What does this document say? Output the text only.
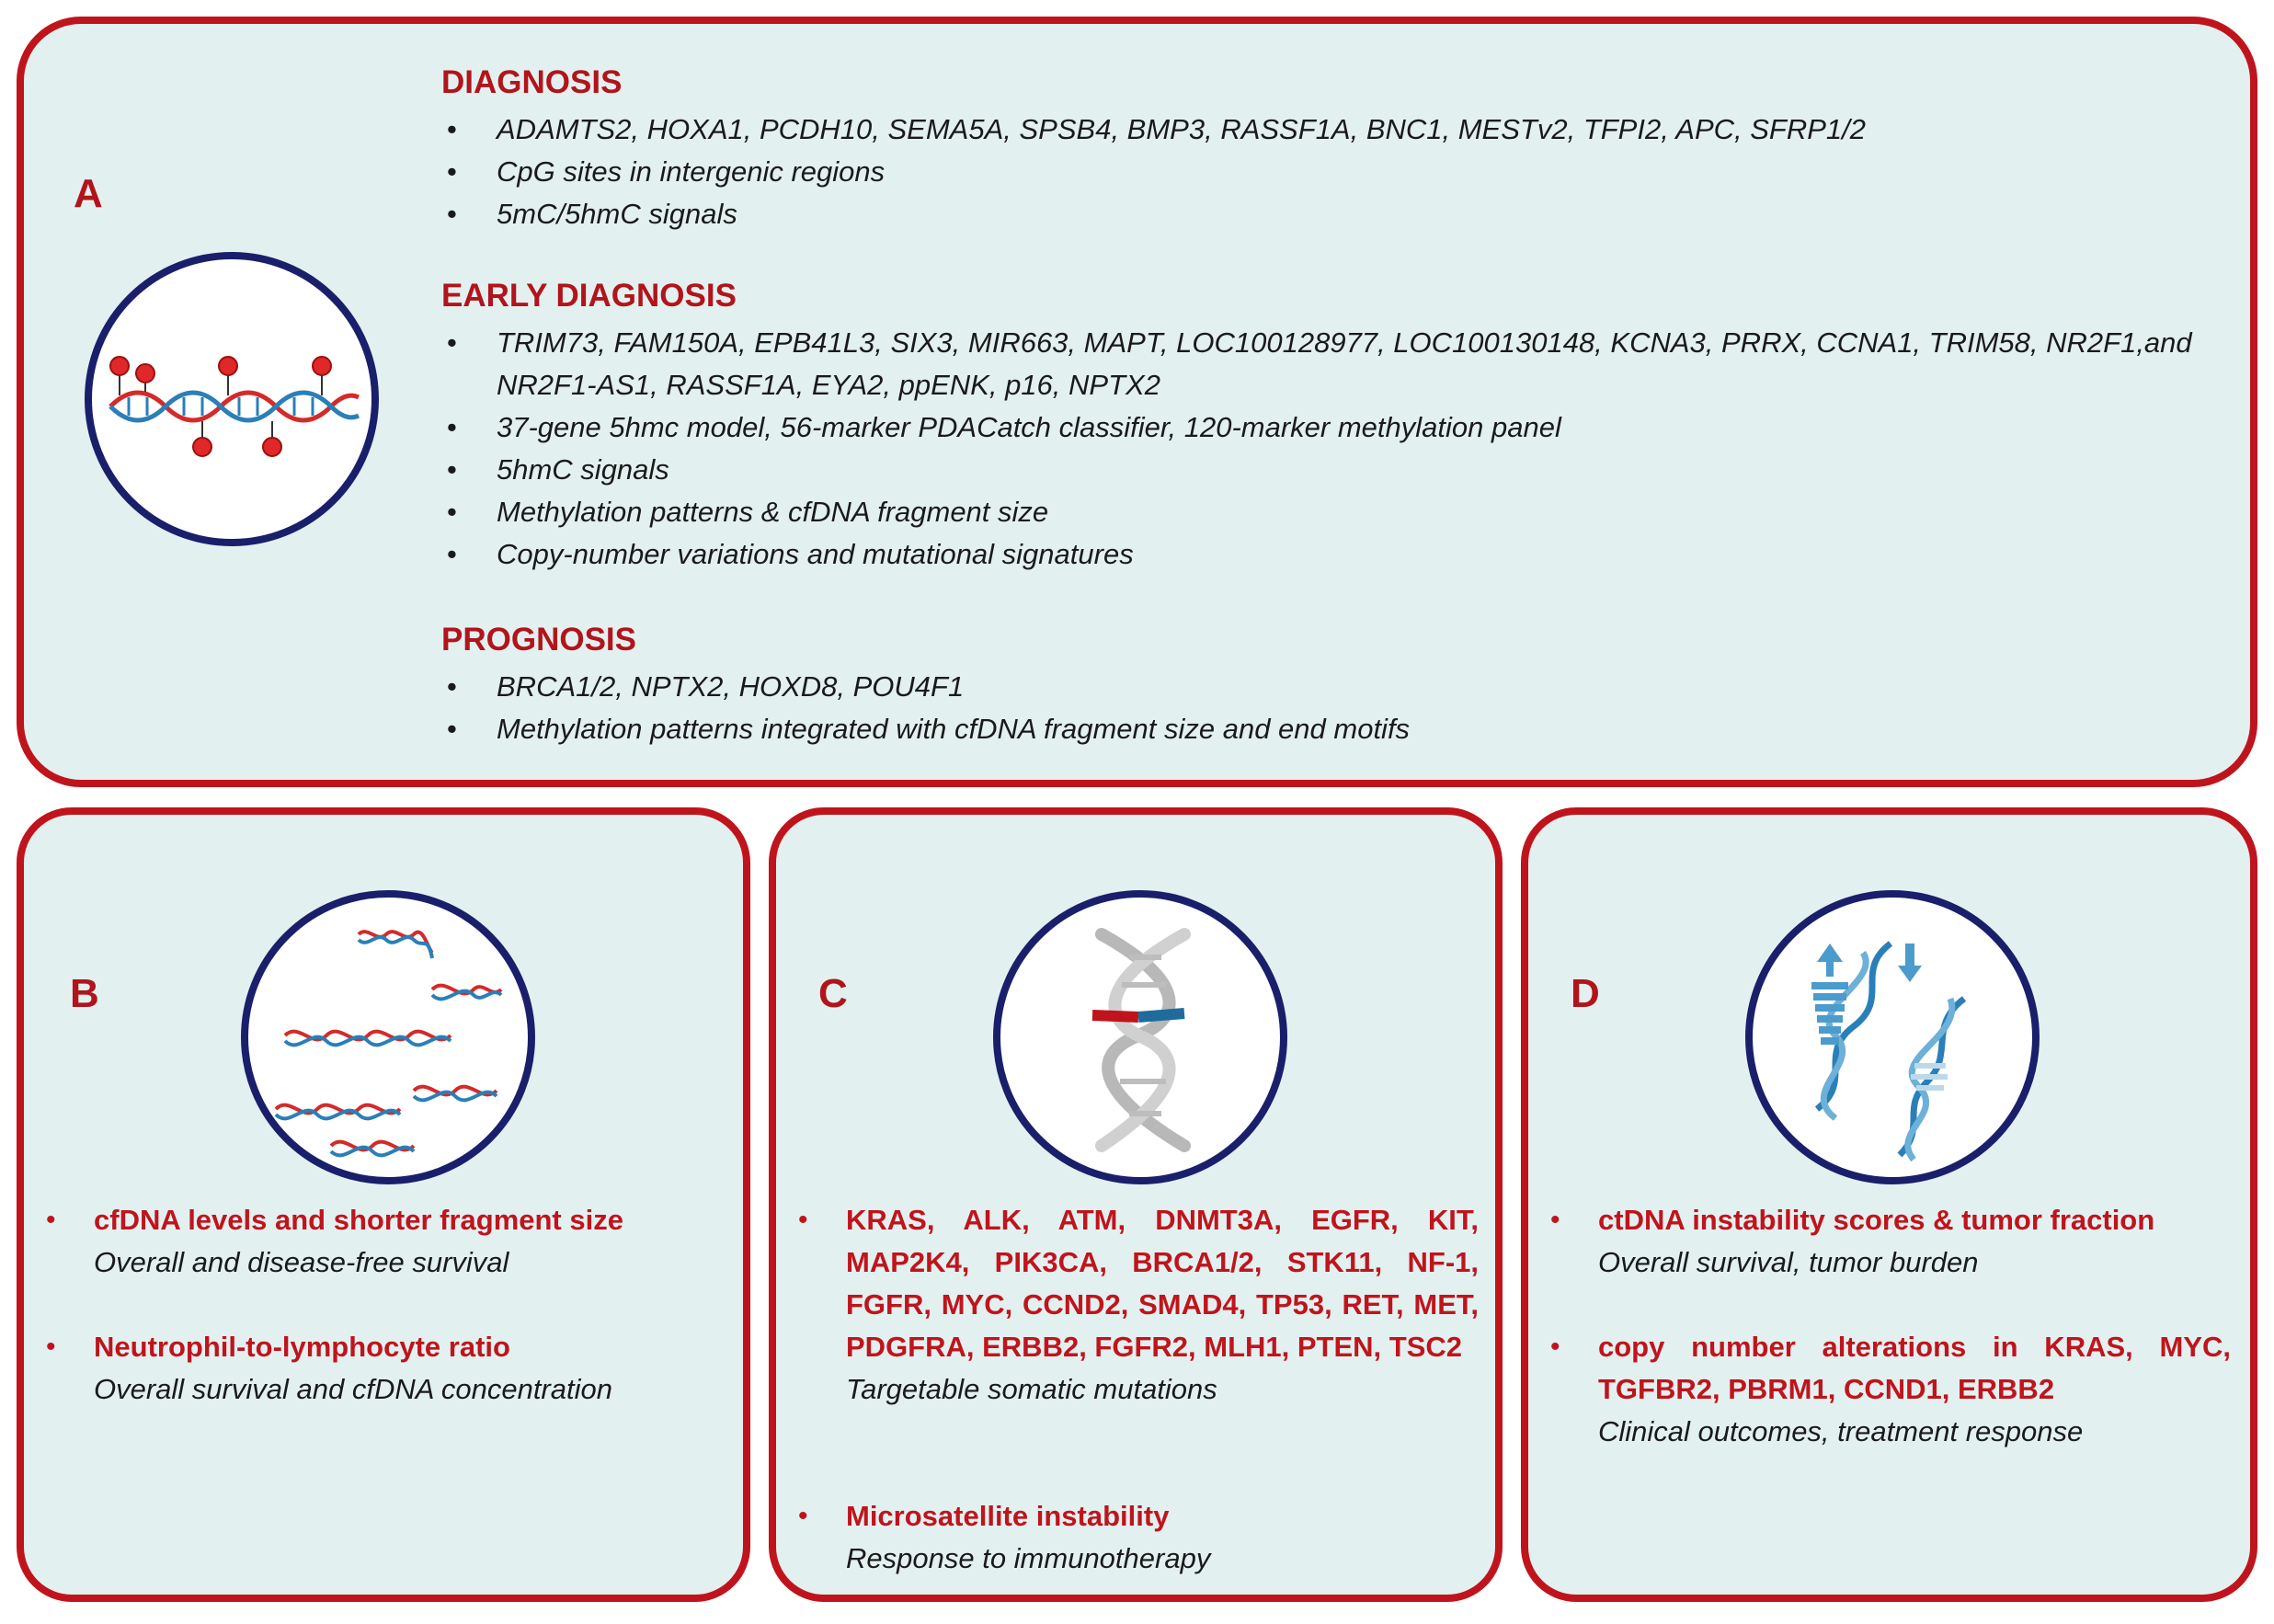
A
DIAGNOSIS
• ADAMTS2, HOXA1, PCDH10, SEMA5A, SPSB4, BMP3, RASSF1A, BNC1, MESTv2, TFPI2, APC, SFRP1/2
• CpG sites in intergenic regions
• 5mC/5hmC signals
EARLY DIAGNOSIS
• TRIM73, FAM150A, EPB41L3, SIX3, MIR663, MAPT, LOC100128977, LOC100130148, KCNA3, PRRX, CCNA1, TRIM58, NR2F1,and NR2F1-AS1, RASSF1A, EYA2, ppENK, p16, NPTX2
• 37-gene 5hmc model, 56-marker PDACatch classifier, 120-marker methylation panel
• 5hmC signals
• Methylation patterns & cfDNA fragment size
• Copy-number variations and mutational signatures
PROGNOSIS
• BRCA1/2, NPTX2, HOXD8, POU4F1
• Methylation patterns integrated with cfDNA fragment size and end motifs
B
• cfDNA levels and shorter fragment size
Overall and disease-free survival
• Neutrophil-to-lymphocyte ratio
Overall survival and cfDNA concentration
C
• KRAS, ALK, ATM, DNMT3A, EGFR, KIT, MAP2K4, PIK3CA, BRCA1/2, STK11, NF-1, FGFR, MYC, CCND2, SMAD4, TP53, RET, MET, PDGFRA, ERBB2, FGFR2, MLH1, PTEN, TSC2
Targetable somatic mutations
• Microsatellite instability
Response to immunotherapy
D
• ctDNA instability scores & tumor fraction
Overall survival, tumor burden
• copy number alterations in KRAS, MYC, TGFBR2, PBRM1, CCND1, ERBB2
Clinical outcomes, treatment response
